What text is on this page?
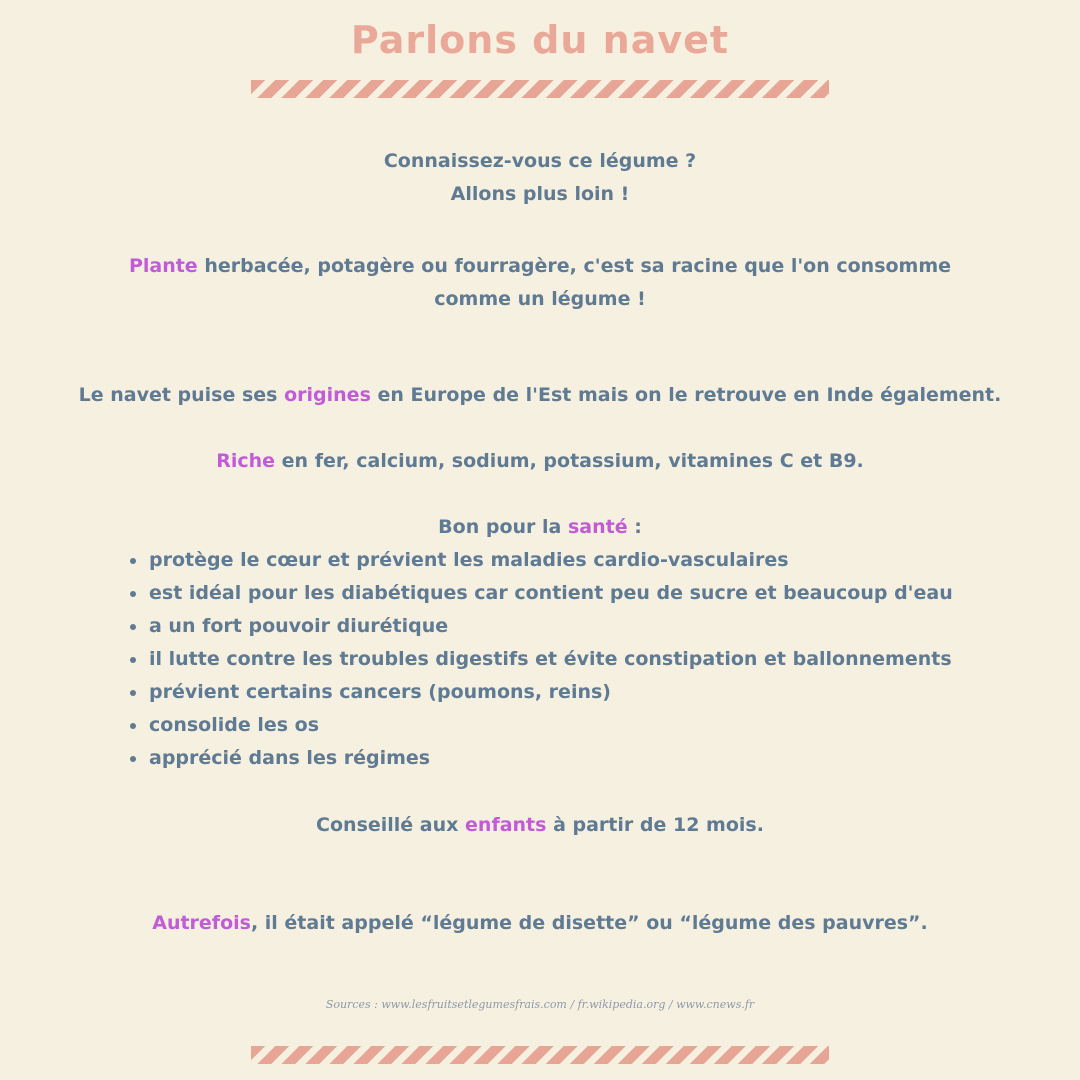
Parlons du navet
Connaissez-vous ce légume ?
Allons plus loin !
Plante herbacée, potagère ou fourragère, c'est sa racine que l'on consomme comme un légume !
Le navet puise ses origines en Europe de l'Est mais on le retrouve en Inde également.
Riche en fer, calcium, sodium, potassium, vitamines C et B9.
Bon pour la santé :
protège le cœur et prévient les maladies cardio-vasculaires
est idéal pour les diabétiques car contient peu de sucre et beaucoup d'eau
a un fort pouvoir diurétique
il lutte contre les troubles digestifs et évite constipation et ballonnements
prévient certains cancers (poumons, reins)
consolide les os
apprécié dans les régimes
Conseillé aux enfants à partir de 12 mois.
Autrefois, il était appelé “légume de disette” ou “légume des pauvres”.
Sources : www.lesfruitsetlegumesfrais.com / fr.wikipedia.org / www.cnews.fr
